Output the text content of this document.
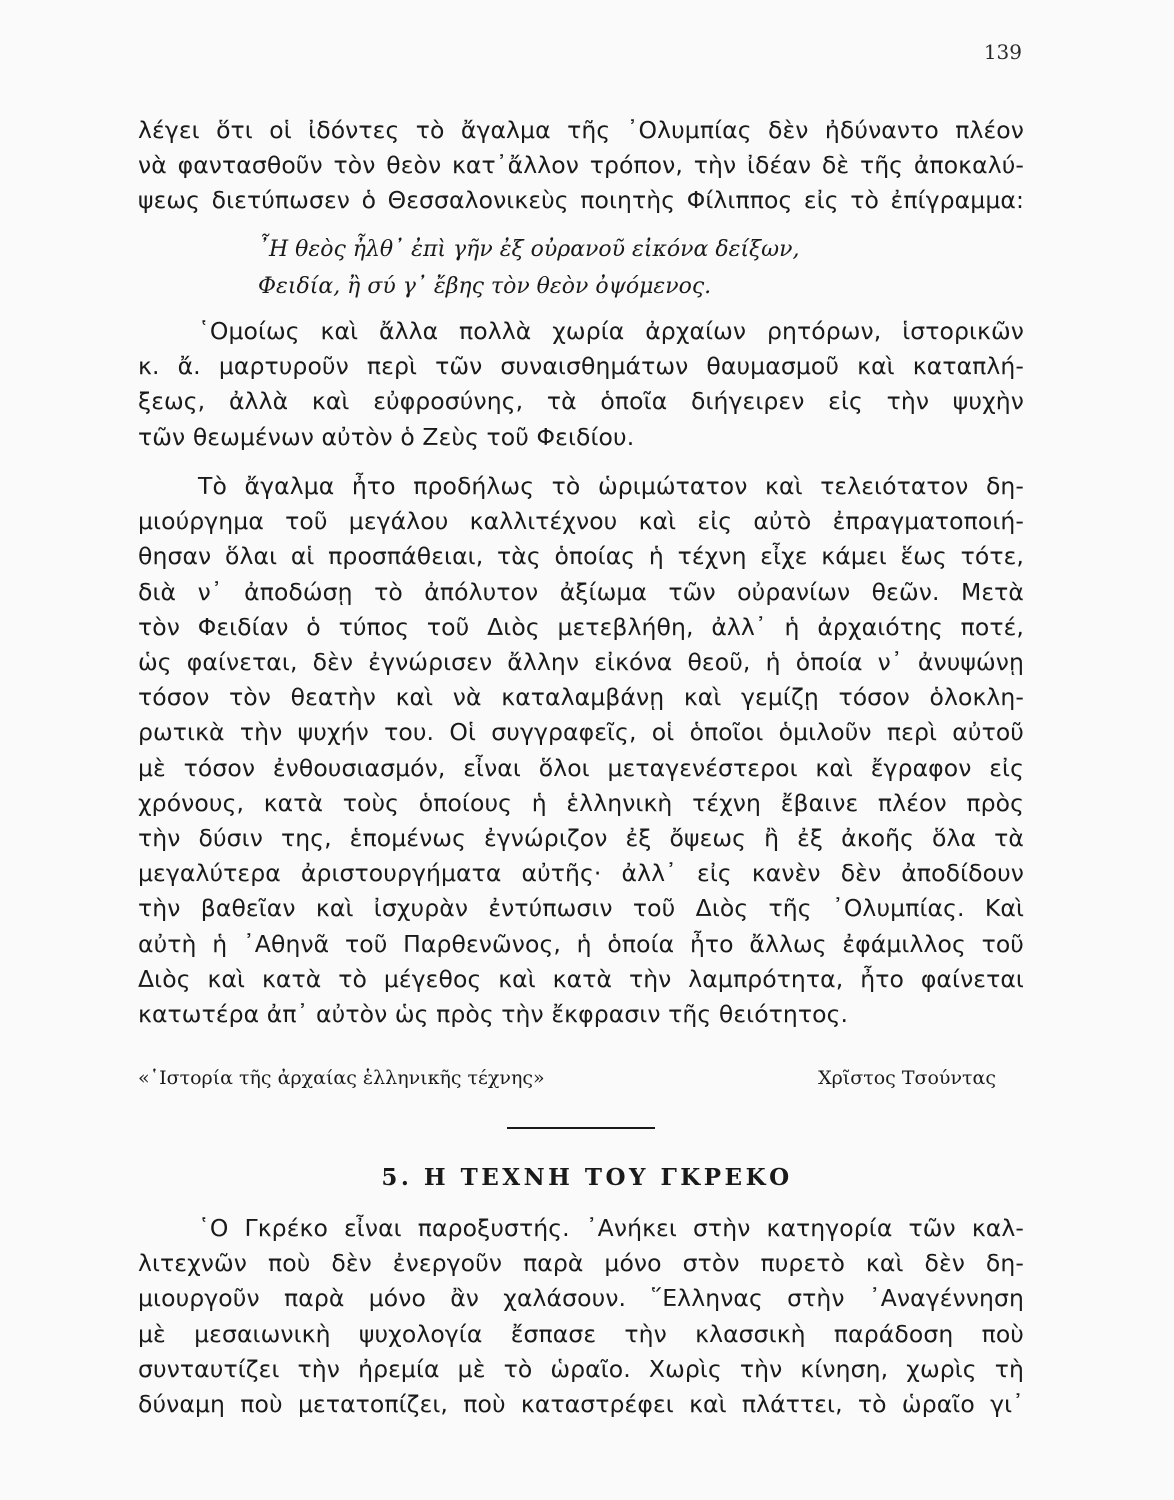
139
λέγει ὅτι οἱ ἰδόντες τὸ ἄγαλμα τῆς ᾿Ολυμπίας δὲν ἠδύναντο πλέον
νὰ φαντασθοῦν τὸν θεὸν κατ᾿ἄλλον τρόπον, τὴν ἰδέαν δὲ τῆς ἀποκαλύ-
ψεως διετύπωσεν ὁ Θεσσαλονικεὺς ποιητὴς Φίλιππος εἰς τὸ ἐπίγραμμα:
῏Η θεὸς ἦλθ᾿ ἐπὶ γῆν ἐξ οὐρανοῦ εἰκόνα δείξων,
Φειδία, ἢ σύ γ᾿ ἔβης τὸν θεὸν ὀψόμενος.
῾Ομοίως καὶ ἄλλα πολλὰ χωρία ἀρχαίων ρητόρων, ἱστορικῶν
κ. ἄ. μαρτυροῦν περὶ τῶν συναισθημάτων θαυμασμοῦ καὶ καταπλή-
ξεως, ἀλλὰ καὶ εὐφροσύνης, τὰ ὁποῖα διήγειρεν εἰς τὴν ψυχὴν
τῶν θεωμένων αὐτὸν ὁ Ζεὺς τοῦ Φειδίου.
Τὸ ἄγαλμα ἦτο προδήλως τὸ ὡριμώτατον καὶ τελειότατον δη-
μιούργημα τοῦ μεγάλου καλλιτέχνου καὶ εἰς αὐτὸ ἐπραγματοποιή-
θησαν ὅλαι αἱ προσπάθειαι, τὰς ὁποίας ἡ τέχνη εἶχε κάμει ἕως τότε,
διὰ ν᾿ ἀποδώσῃ τὸ ἀπόλυτον ἀξίωμα τῶν οὐρανίων θεῶν. Μετὰ
τὸν Φειδίαν ὁ τύπος τοῦ Διὸς μετεβλήθη, ἀλλ᾿ ἡ ἀρχαιότης ποτέ,
ὡς φαίνεται, δὲν ἐγνώρισεν ἄλλην εἰκόνα θεοῦ, ἡ ὁποία ν᾿ ἀνυψώνῃ
τόσον τὸν θεατὴν καὶ νὰ καταλαμβάνῃ καὶ γεμίζῃ τόσον ὁλοκλη-
ρωτικὰ τὴν ψυχήν του. Οἱ συγγραφεῖς, οἱ ὁποῖοι ὁμιλοῦν περὶ αὐτοῦ
μὲ τόσον ἐνθουσιασμόν, εἶναι ὅλοι μεταγενέστεροι καὶ ἔγραφον εἰς
χρόνους, κατὰ τοὺς ὁποίους ἡ ἑλληνικὴ τέχνη ἔβαινε πλέον πρὸς
τὴν δύσιν της, ἑπομένως ἐγνώριζον ἐξ ὄψεως ἢ ἐξ ἀκοῆς ὅλα τὰ
μεγαλύτερα ἀριστουργήματα αὐτῆς· ἀλλ᾿ εἰς κανὲν δὲν ἀποδίδουν
τὴν βαθεῖαν καὶ ἰσχυρὰν ἐντύπωσιν τοῦ Διὸς τῆς ᾿Ολυμπίας. Καὶ
αὐτὴ ἡ ᾿Αθηνᾶ τοῦ Παρθενῶνος, ἡ ὁποία ἦτο ἄλλως ἐφάμιλλος τοῦ
Διὸς καὶ κατὰ τὸ μέγεθος καὶ κατὰ τὴν λαμπρότητα, ἦτο φαίνεται
κατωτέρα ἀπ᾿ αὐτὸν ὡς πρὸς τὴν ἔκφρασιν τῆς θειότητος.
«῾Ιστορία τῆς ἀρχαίας ἑλληνικῆς τέχνης»	Χρῖστος Τσούντας
5. Η ΤΕΧΝΗ ΤΟΥ ΓΚΡΕΚΟ
῾Ο Γκρέκο εἶναι παροξυστής. ᾿Ανήκει στὴν κατηγορία τῶν καλ-
λιτεχνῶν ποὺ δὲν ἐνεργοῦν παρὰ μόνο στὸν πυρετὸ καὶ δὲν δη-
μιουργοῦν παρὰ μόνο ἂν χαλάσουν. ῞Ελληνας στὴν ᾿Αναγέννηση
μὲ μεσαιωνικὴ ψυχολογία ἔσπασε τὴν κλασσικὴ παράδοση ποὺ
συνταυτίζει τὴν ἠρεμία μὲ τὸ ὡραῖο. Χωρὶς τὴν κίνηση, χωρὶς τὴ
δύναμη ποὺ μετατοπίζει, ποὺ καταστρέφει καὶ πλάττει, τὸ ὡραῖο γι᾿
